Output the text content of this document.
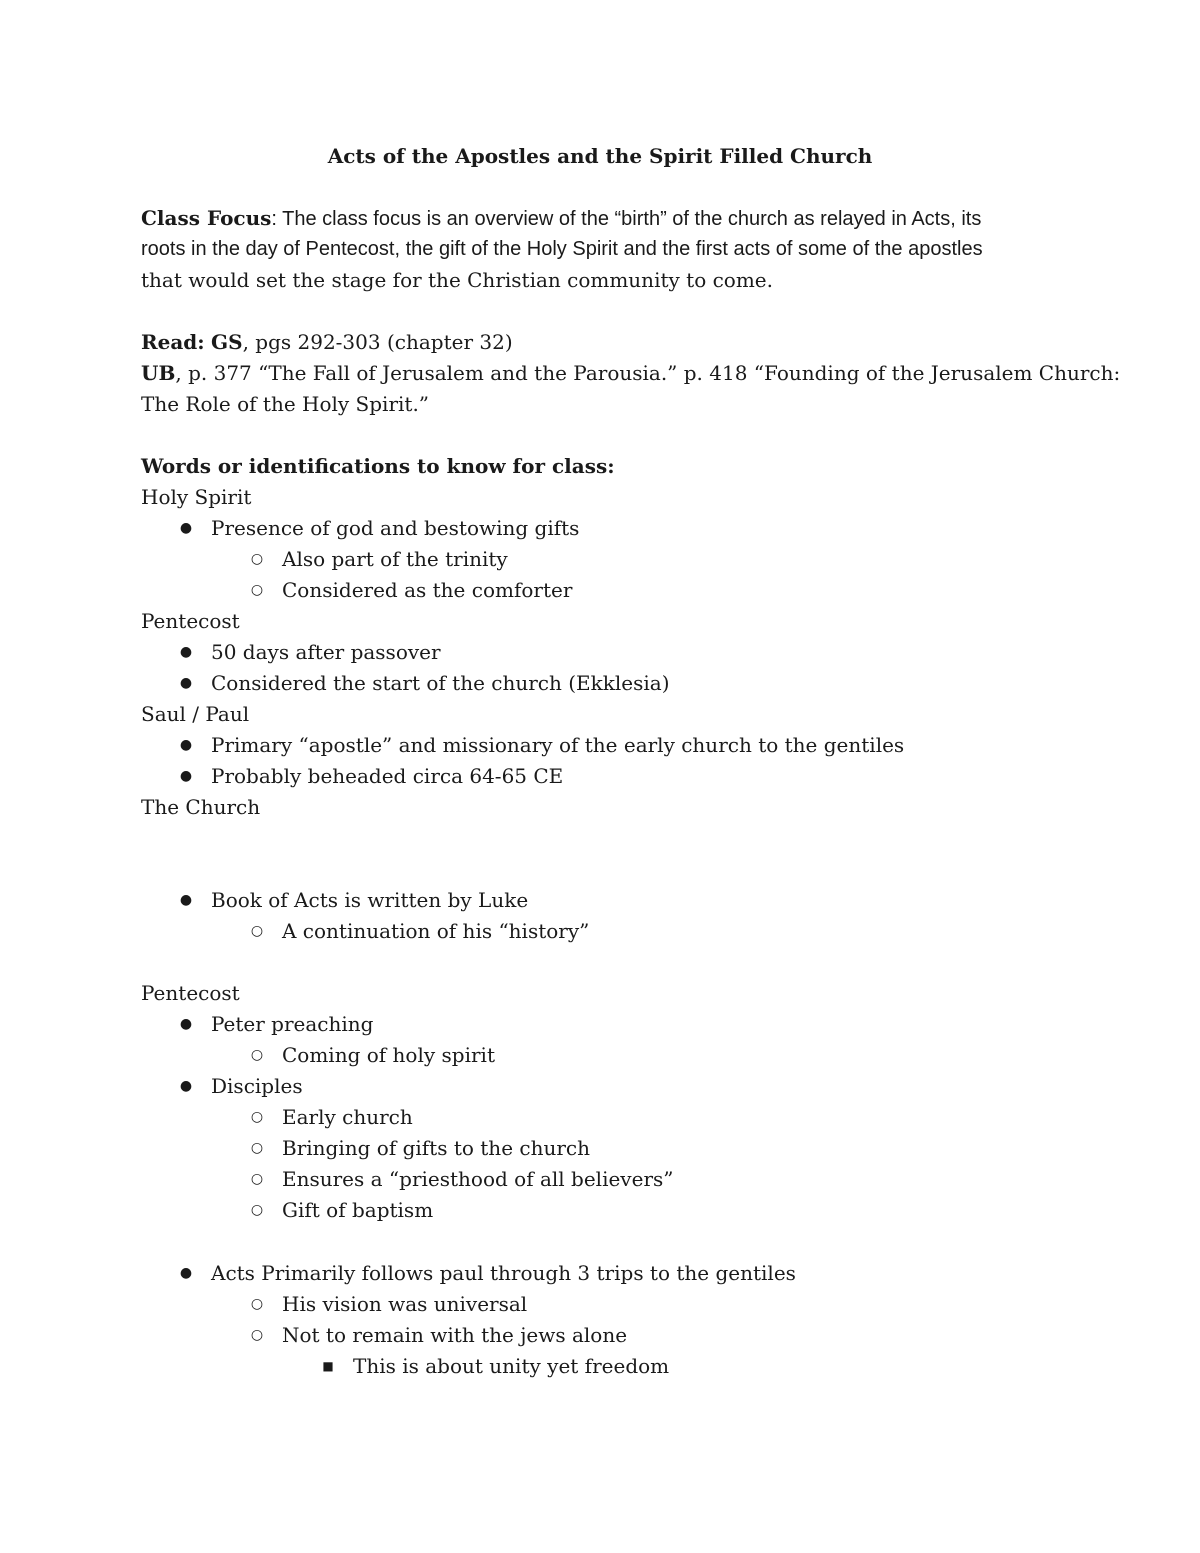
Acts of the Apostles and the Spirit Filled Church

Class Focus: The class focus is an overview of the “birth” of the church as relayed in Acts, its

roots in the day of Pentecost, the gift of the Holy Spirit and the first acts of some of the apostles

that would set the stage for the Christian community to come.

Read: GS, pgs 292-303 (chapter 32)

UB, p. 377 “The Fall of Jerusalem and the Parousia.” p. 418 “Founding of the Jerusalem Church:

The Role of the Holy Spirit.”

Words or identifications to know for class:

Holy Spirit

● Presence of god and bestowing gifts

○ Also part of the trinity

○ Considered as the comforter

Pentecost

● 50 days after passover

● Considered the start of the church (Ekklesia)

Saul / Paul

● Primary “apostle” and missionary of the early church to the gentiles

● Probably beheaded circa 64-65 CE

The Church

● Book of Acts is written by Luke

○ A continuation of his “history”

Pentecost

● Peter preaching

○ Coming of holy spirit

● Disciples

○ Early church

○ Bringing of gifts to the church

○ Ensures a “priesthood of all believers”

○ Gift of baptism

● Acts Primarily follows paul through 3 trips to the gentiles

○ His vision was universal

○ Not to remain with the jews alone

■ This is about unity yet freedom
